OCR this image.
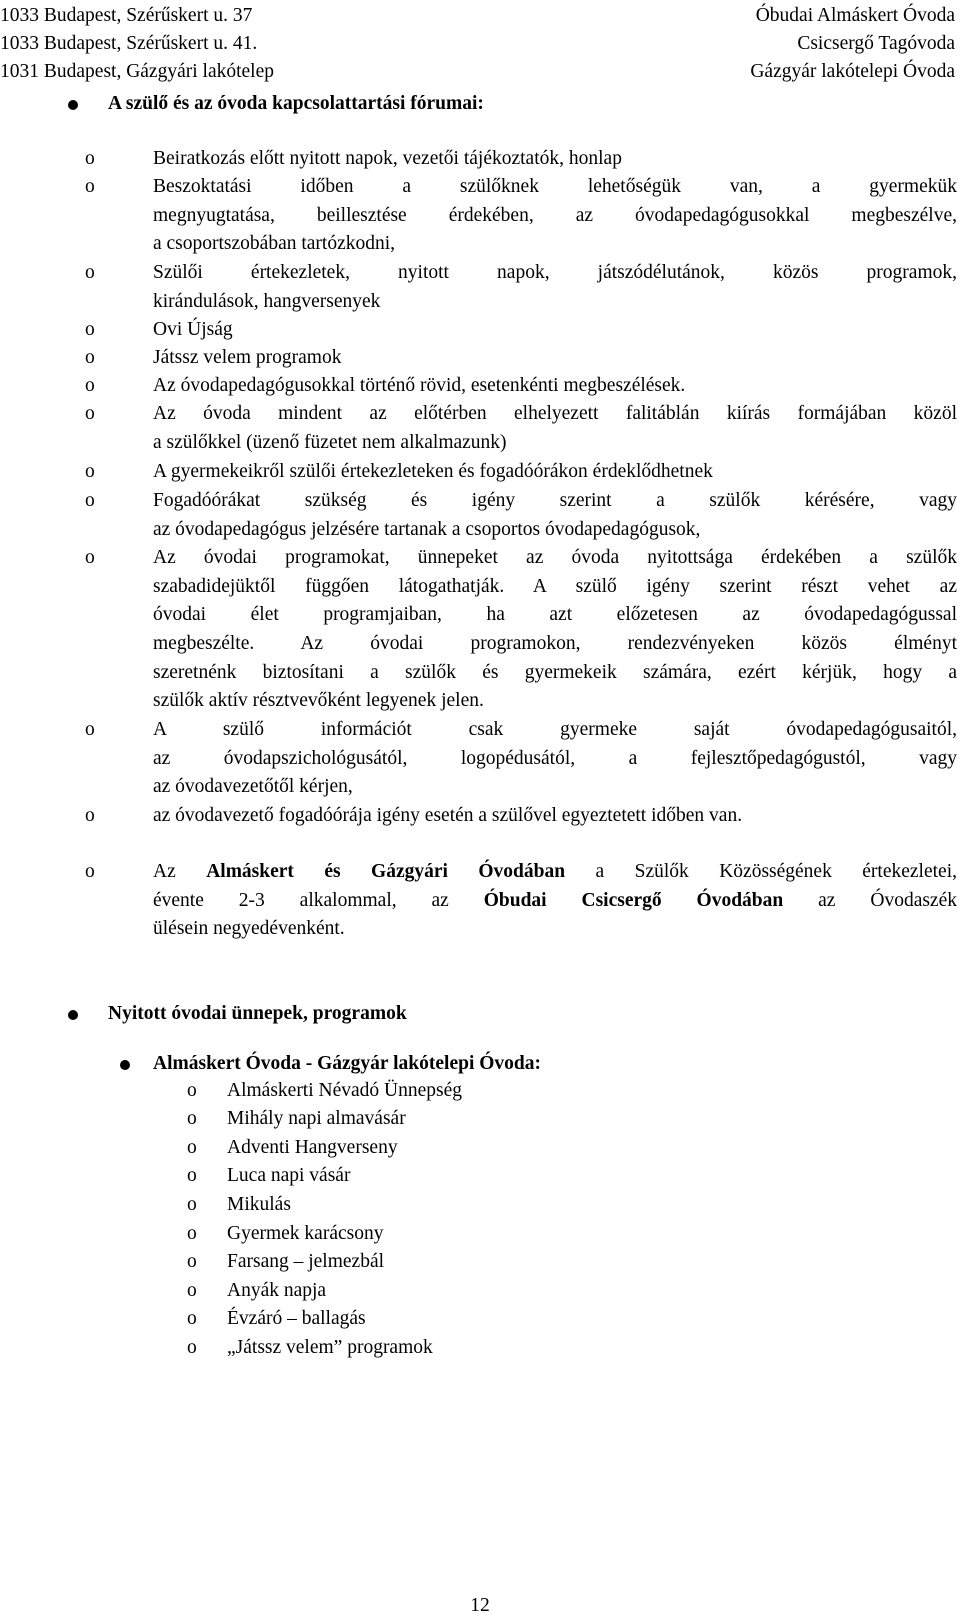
1033 Budapest, Szérűskert u. 37	Óbudai Almáskert Óvoda
1033 Budapest, Szérűskert u. 41.	Csicsergő Tagóvoda
1031 Budapest, Gázgyári lakótelep	Gázgyár lakótelepi Óvoda
A szülő és az óvoda kapcsolattartási fórumai:
o	Beiratkozás előtt nyitott napok, vezetői tájékoztatók, honlap
o	Beszoktatási időben a szülőknek lehetőségük van, a gyermekük
megnyugtatása, beillesztése érdekében, az óvodapedagógusokkal megbeszélve,
a csoportszobában tartózkodni,
o	Szülői értekezletek, nyitott napok, játszódélutánok, közös programok,
kirándulások, hangversenyek
o	Ovi Újság
o	Játssz velem programok
o	Az óvodapedagógusokkal történő rövid, esetenkénti megbeszélések.
o	Az óvoda mindent az előtérben elhelyezett falitáblán kiírás formájában közöl
a szülőkkel (üzenő füzetet nem alkalmazunk)
o	A gyermekeikről szülői értekezleteken és fogadóórákon érdeklődhetnek
o	Fogadóórákat szükség és igény szerint a szülők kérésére, vagy
az óvodapedagógus jelzésére tartanak a csoportos óvodapedagógusok,
o	Az óvodai programokat, ünnepeket az óvoda nyitottsága érdekében a szülők
szabadidejüktől függően látogathatják. A szülő igény szerint részt vehet az
óvodai élet programjaiban, ha azt előzetesen az óvodapedagógussal
megbeszélte. Az óvodai programokon, rendezvényeken közös élményt
szeretnénk biztosítani a szülők és gyermekeik számára, ezért kérjük, hogy a
szülők aktív résztvevőként legyenek jelen.
o	A szülő információt csak gyermeke saját óvodapedagógusaitól,
az óvodapszichológusától, logopédusától, a fejlesztőpedagógustól, vagy
az óvodavezetőtől kérjen,
o	az óvodavezető fogadóórája igény esetén a szülővel egyeztetett időben van.
o	Az Almáskert és Gázgyári Óvodában a Szülők Közösségének értekezletei,
évente 2-3 alkalommal, az Óbudai Csicsergő Óvodában az Óvodaszék
ülésein negyedévenként.
Nyitott óvodai ünnepek, programok
Almáskert Óvoda - Gázgyár lakótelepi Óvoda:
o Almáskerti Névadó Ünnepség
o Mihály napi almavásár
o Adventi Hangverseny
o Luca napi vásár
o Mikulás
o Gyermek karácsony
o Farsang – jelmezbál
o Anyák napja
o Évzáró – ballagás
o „Játssz velem” programok
12
